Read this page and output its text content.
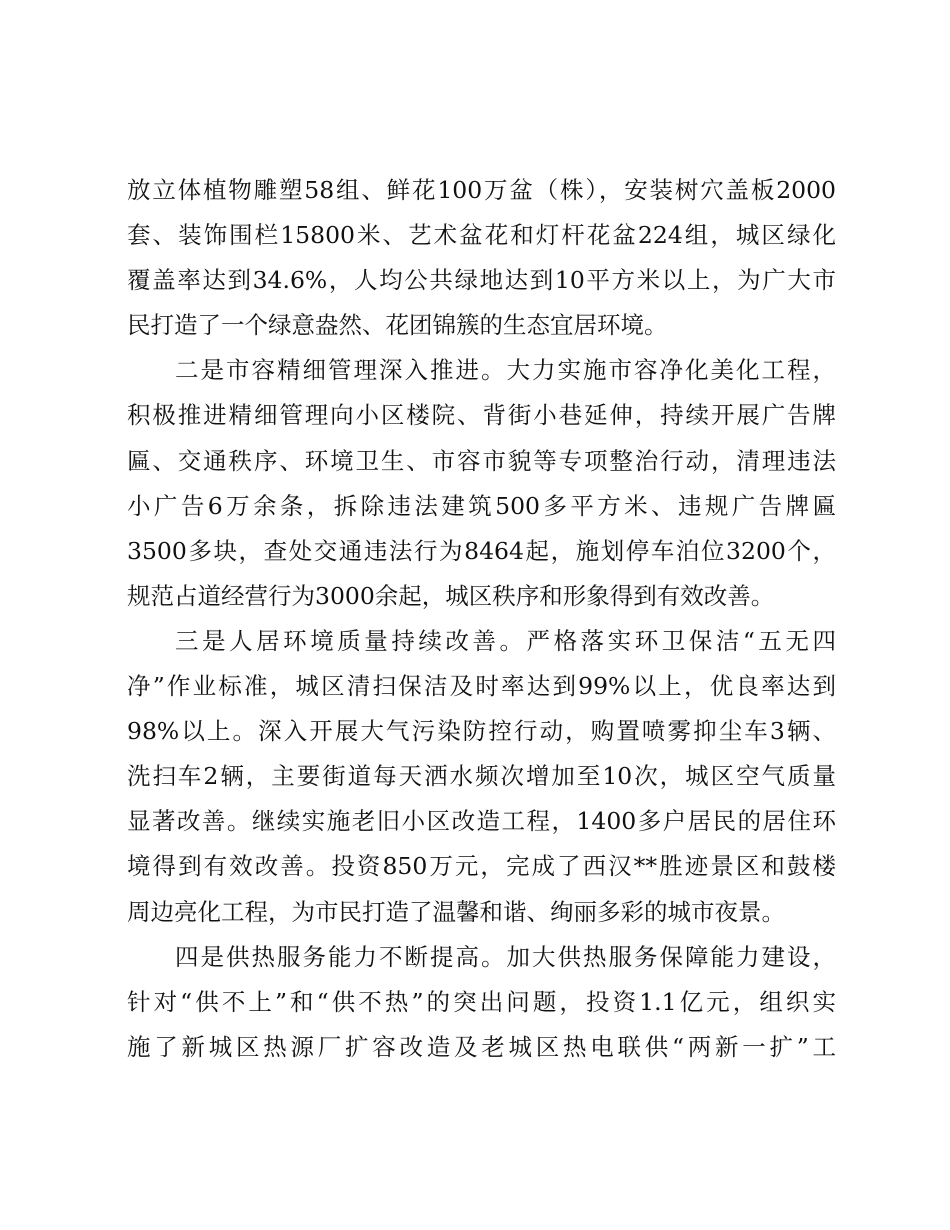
放立体植物雕塑58组、鲜花100万盆（株），安装树穴盖板2000
套、装饰围栏15800米、艺术盆花和灯杆花盆224组，城区绿化
覆盖率达到34.6%，人均公共绿地达到10平方米以上，为广大市
民打造了一个绿意盎然、花团锦簇的生态宜居环境。
二是市容精细管理深入推进。大力实施市容净化美化工程，
积极推进精细管理向小区楼院、背街小巷延伸，持续开展广告牌
匾、交通秩序、环境卫生、市容市貌等专项整治行动，清理违法
小广告6万余条，拆除违法建筑500多平方米、违规广告牌匾
3500多块，查处交通违法行为8464起，施划停车泊位3200个，
规范占道经营行为3000余起，城区秩序和形象得到有效改善。
三是人居环境质量持续改善。严格落实环卫保洁“五无四
净”作业标准，城区清扫保洁及时率达到99%以上，优良率达到
98%以上。深入开展大气污染防控行动，购置喷雾抑尘车3辆、
洗扫车2辆，主要街道每天洒水频次增加至10次，城区空气质量
显著改善。继续实施老旧小区改造工程，1400多户居民的居住环
境得到有效改善。投资850万元，完成了西汉**胜迹景区和鼓楼
周边亮化工程，为市民打造了温馨和谐、绚丽多彩的城市夜景。
四是供热服务能力不断提高。加大供热服务保障能力建设，
针对“供不上”和“供不热”的突出问题，投资1.1亿元，组织实
施了新城区热源厂扩容改造及老城区热电联供“两新一扩”工
